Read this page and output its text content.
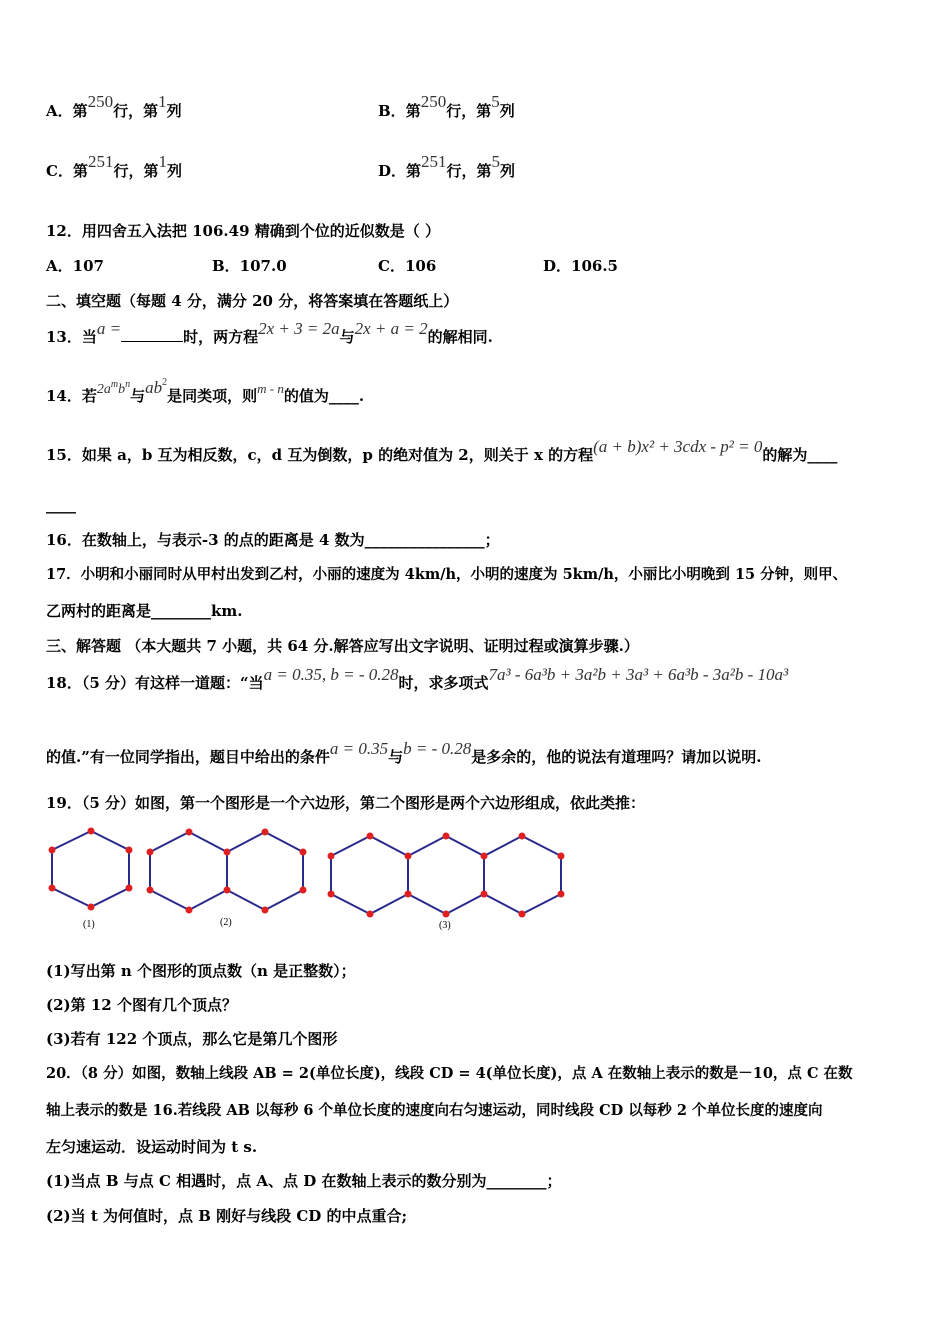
A．第250行，第1列	B．第250行，第5列
C．第251行，第1列	D．第251行，第5列
12．用四舍五入法把 106.49 精确到个位的近似数是（ ）
A．107	B．107.0	C．106	D．106.5
二、填空题（每题 4 分，满分 20 分，将答案填在答题纸上）
13．当a =	时，两方程2x + 3 = 2a与2x + a = 2的解相同.
14．若$2a^mb^n$与$ab^2$是同类项，则m - n的值为____.
15．如果 a，b 互为相反数，c，d 互为倒数，p 的绝对值为 2，则关于 x 的方程(a + b)x² + 3cdx - p² = 0的解为____
____
16．在数轴上，与表示-3 的点的距离是 4 数为________________；
17．小明和小丽同时从甲村出发到乙村，小丽的速度为 4km/h，小明的速度为 5km/h，小丽比小明晚到 15 分钟，则甲、
乙两村的距离是________km.
三、解答题 （本大题共 7 小题，共 64 分.解答应写出文字说明、证明过程或演算步骤.）
18．（5 分）有这样一道题：“当a = 0.35, b = - 0.28时，求多项式7a³ - 6a³b + 3a²b + 3a³ + 6a³b - 3a²b - 10a³
的值.”有一位同学指出，题目中给出的条件a = 0.35与b = - 0.28是多余的，他的说法有道理吗？请加以说明.
19．（5 分）如图，第一个图形是一个六边形，第二个图形是两个六边形组成，依此类推：
(1)	(2)	(3)
(1)写出第 n 个图形的顶点数（n 是正整数）；
(2)第 12 个图有几个顶点？
(3)若有 122 个顶点，那么它是第几个图形
20．（8 分）如图，数轴上线段 AB = 2(单位长度)，线段 CD = 4(单位长度)，点 A 在数轴上表示的数是－10，点 C 在数
轴上表示的数是 16.若线段 AB 以每秒 6 个单位长度的速度向右匀速运动，同时线段 CD 以每秒 2 个单位长度的速度向
左匀速运动．设运动时间为 t s.
(1)当点 B 与点 C 相遇时，点 A、点 D 在数轴上表示的数分别为________；
(2)当 t 为何值时，点 B 刚好与线段 CD 的中点重合;
